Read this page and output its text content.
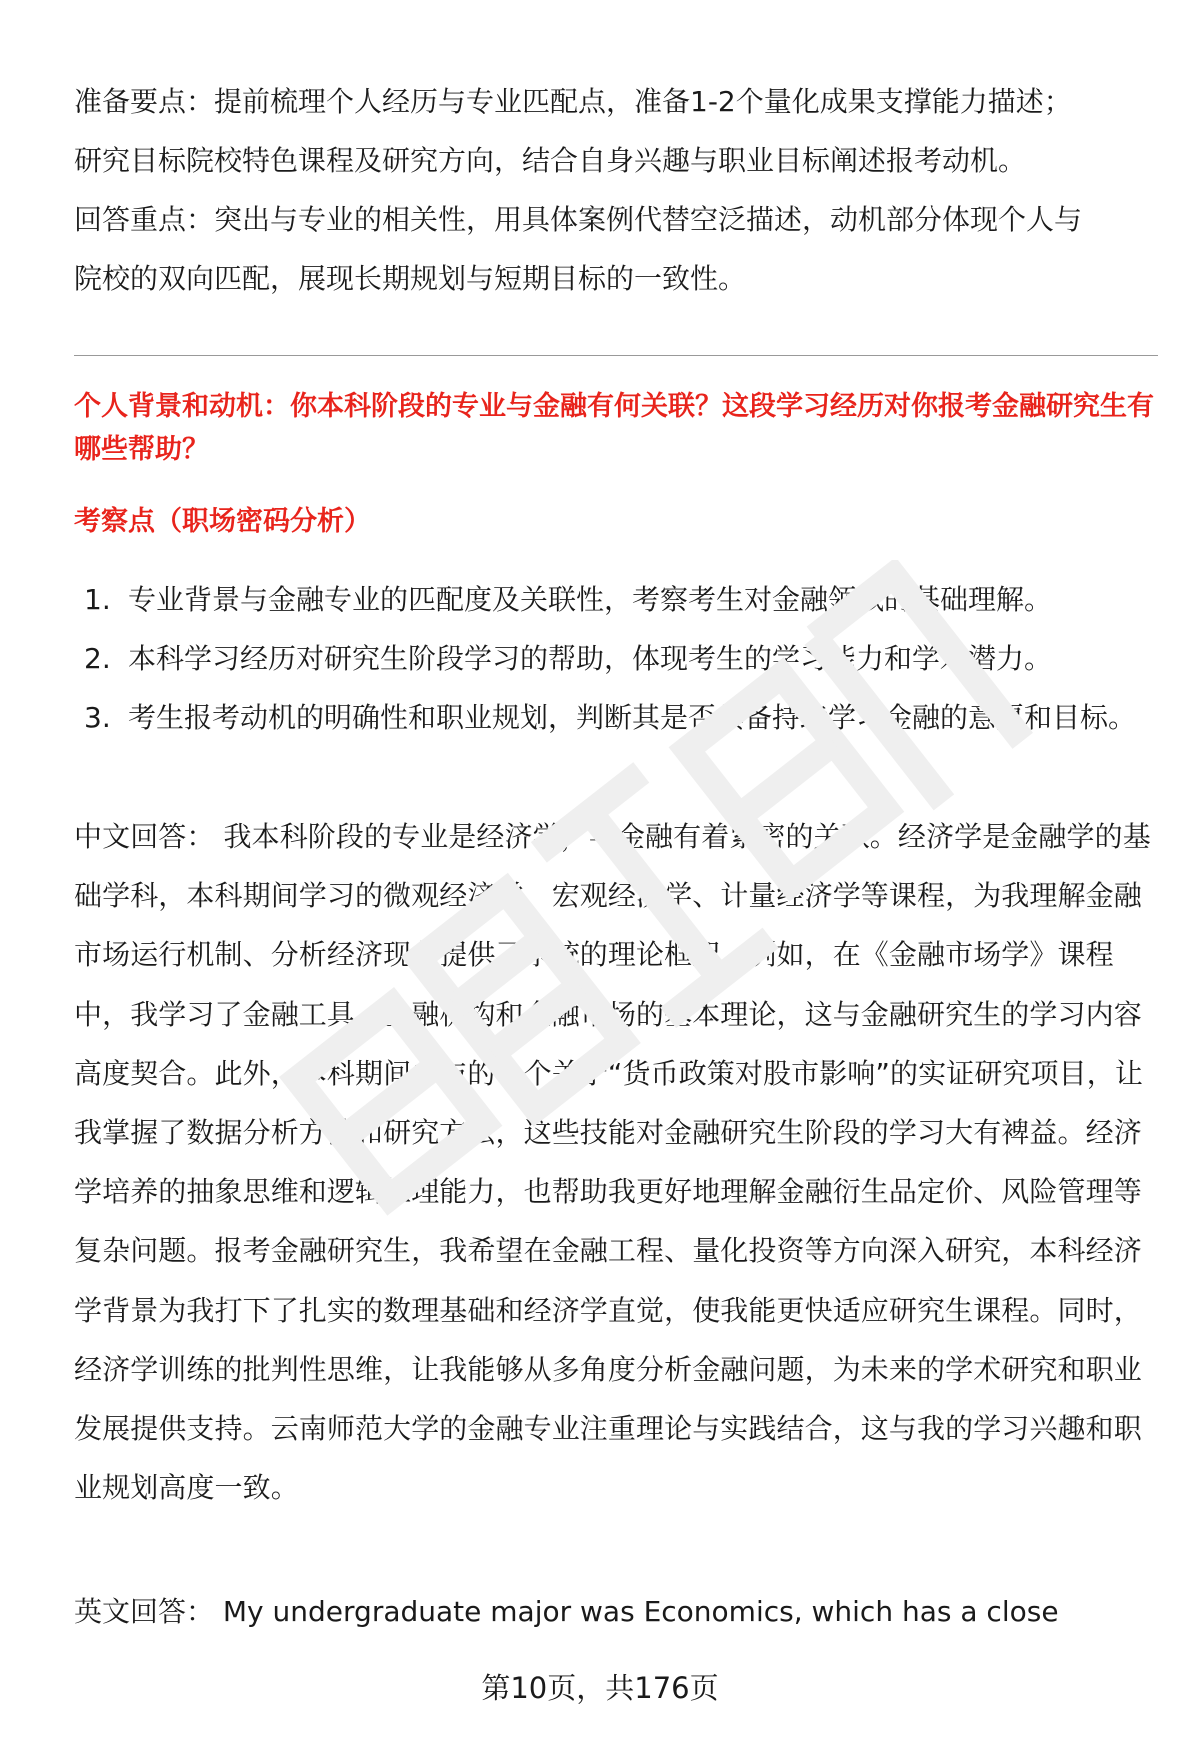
准备要点：提前梳理个人经历与专业匹配点，准备1-2个量化成果支撑能力描述；

研究目标院校特色课程及研究方向，结合自身兴趣与职业目标阐述报考动机。

回答重点：突出与专业的相关性，用具体案例代替空泛描述，动机部分体现个人与

院校的双向匹配，展现长期规划与短期目标的一致性。

个人背景和动机：你本科阶段的专业与金融有何关联？这段学习经历对你报考金融研究生有哪些帮助？

考察点（职场密码分析）

1. 专业背景与金融专业的匹配度及关联性，考察考生对金融领域的基础理解。
2. 本科学习经历对研究生阶段学习的帮助，体现考生的学习能力和学术潜力。
3. 考生报考动机的明确性和职业规划，判断其是否具备持续学习金融的意愿和目标。

中文回答： 我本科阶段的专业是经济学，与金融有着紧密的关联。经济学是金融学的基础学科，本科期间学习的微观经济学、宏观经济学、计量经济学等课程，为我理解金融市场运行机制、分析经济现象提供了系统的理论框架。例如，在《金融市场学》课程中，我学习了金融工具、金融机构和金融市场的基本理论，这与金融研究生的学习内容高度契合。此外，本科期间参与的一个关于“货币政策对股市影响”的实证研究项目，让我掌握了数据分析方法和研究方法，这些技能对金融研究生阶段的学习大有裨益。经济学培养的抽象思维和逻辑推理能力，也帮助我更好地理解金融衍生品定价、风险管理等复杂问题。报考金融研究生，我希望在金融工程、量化投资等方向深入研究，本科经济学背景为我打下了扎实的数理基础和经济学直觉，使我能更快适应研究生课程。同时，经济学训练的批判性思维，让我能够从多角度分析金融问题，为未来的学术研究和职业发展提供支持。云南师范大学的金融专业注重理论与实践结合，这与我的学习兴趣和职业规划高度一致。

英文回答： My undergraduate major was Economics, which has a close

第10页，共176页
